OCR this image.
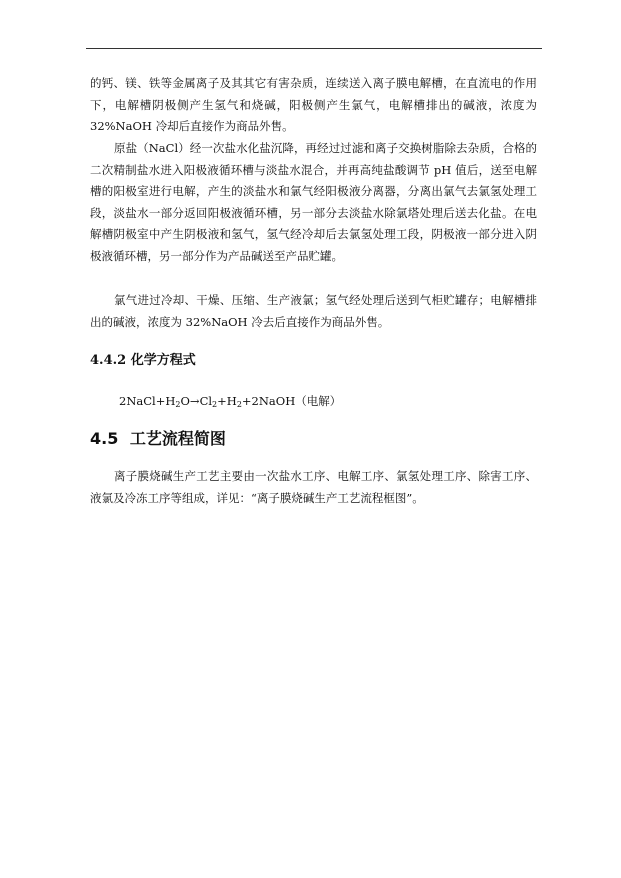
的钙、镁、铁等金属离子及其其它有害杂质，连续送入离子膜电解槽，在直流电的作用下，电解槽阴极侧产生氢气和烧碱，阳极侧产生氯气，电解槽排出的碱液，浓度为 32%NaOH 冷却后直接作为商品外售。

原盐（NaCl）经一次盐水化盐沉降，再经过过滤和离子交换树脂除去杂质，合格的二次精制盐水进入阳极液循环槽与淡盐水混合，并再高纯盐酸调节 pH 值后，送至电解槽的阳极室进行电解，产生的淡盐水和氯气经阳极液分离器，分离出氯气去氯氢处理工段，淡盐水一部分返回阳极液循环槽，另一部分去淡盐水除氯塔处理后送去化盐。在电解槽阴极室中产生阴极液和氢气，氢气经冷却后去氯氢处理工段，阴极液一部分进入阴极液循环槽，另一部分作为产品碱送至产品贮罐。

氯气进过冷却、干燥、压缩、生产液氯；氢气经处理后送到气柜贮罐存；电解槽排出的碱液，浓度为 32%NaOH 冷去后直接作为商品外售。

4.4.2 化学方程式

$2NaCl+H_2O\to Cl_2+H_2+2NaOH$（电解）

4.5 工艺流程简图

离子膜烧碱生产工艺主要由一次盐水工序、电解工序、氯氢处理工序、除害工序、液氯及冷冻工序等组成，详见：“离子膜烧碱生产工艺流程框图”。
